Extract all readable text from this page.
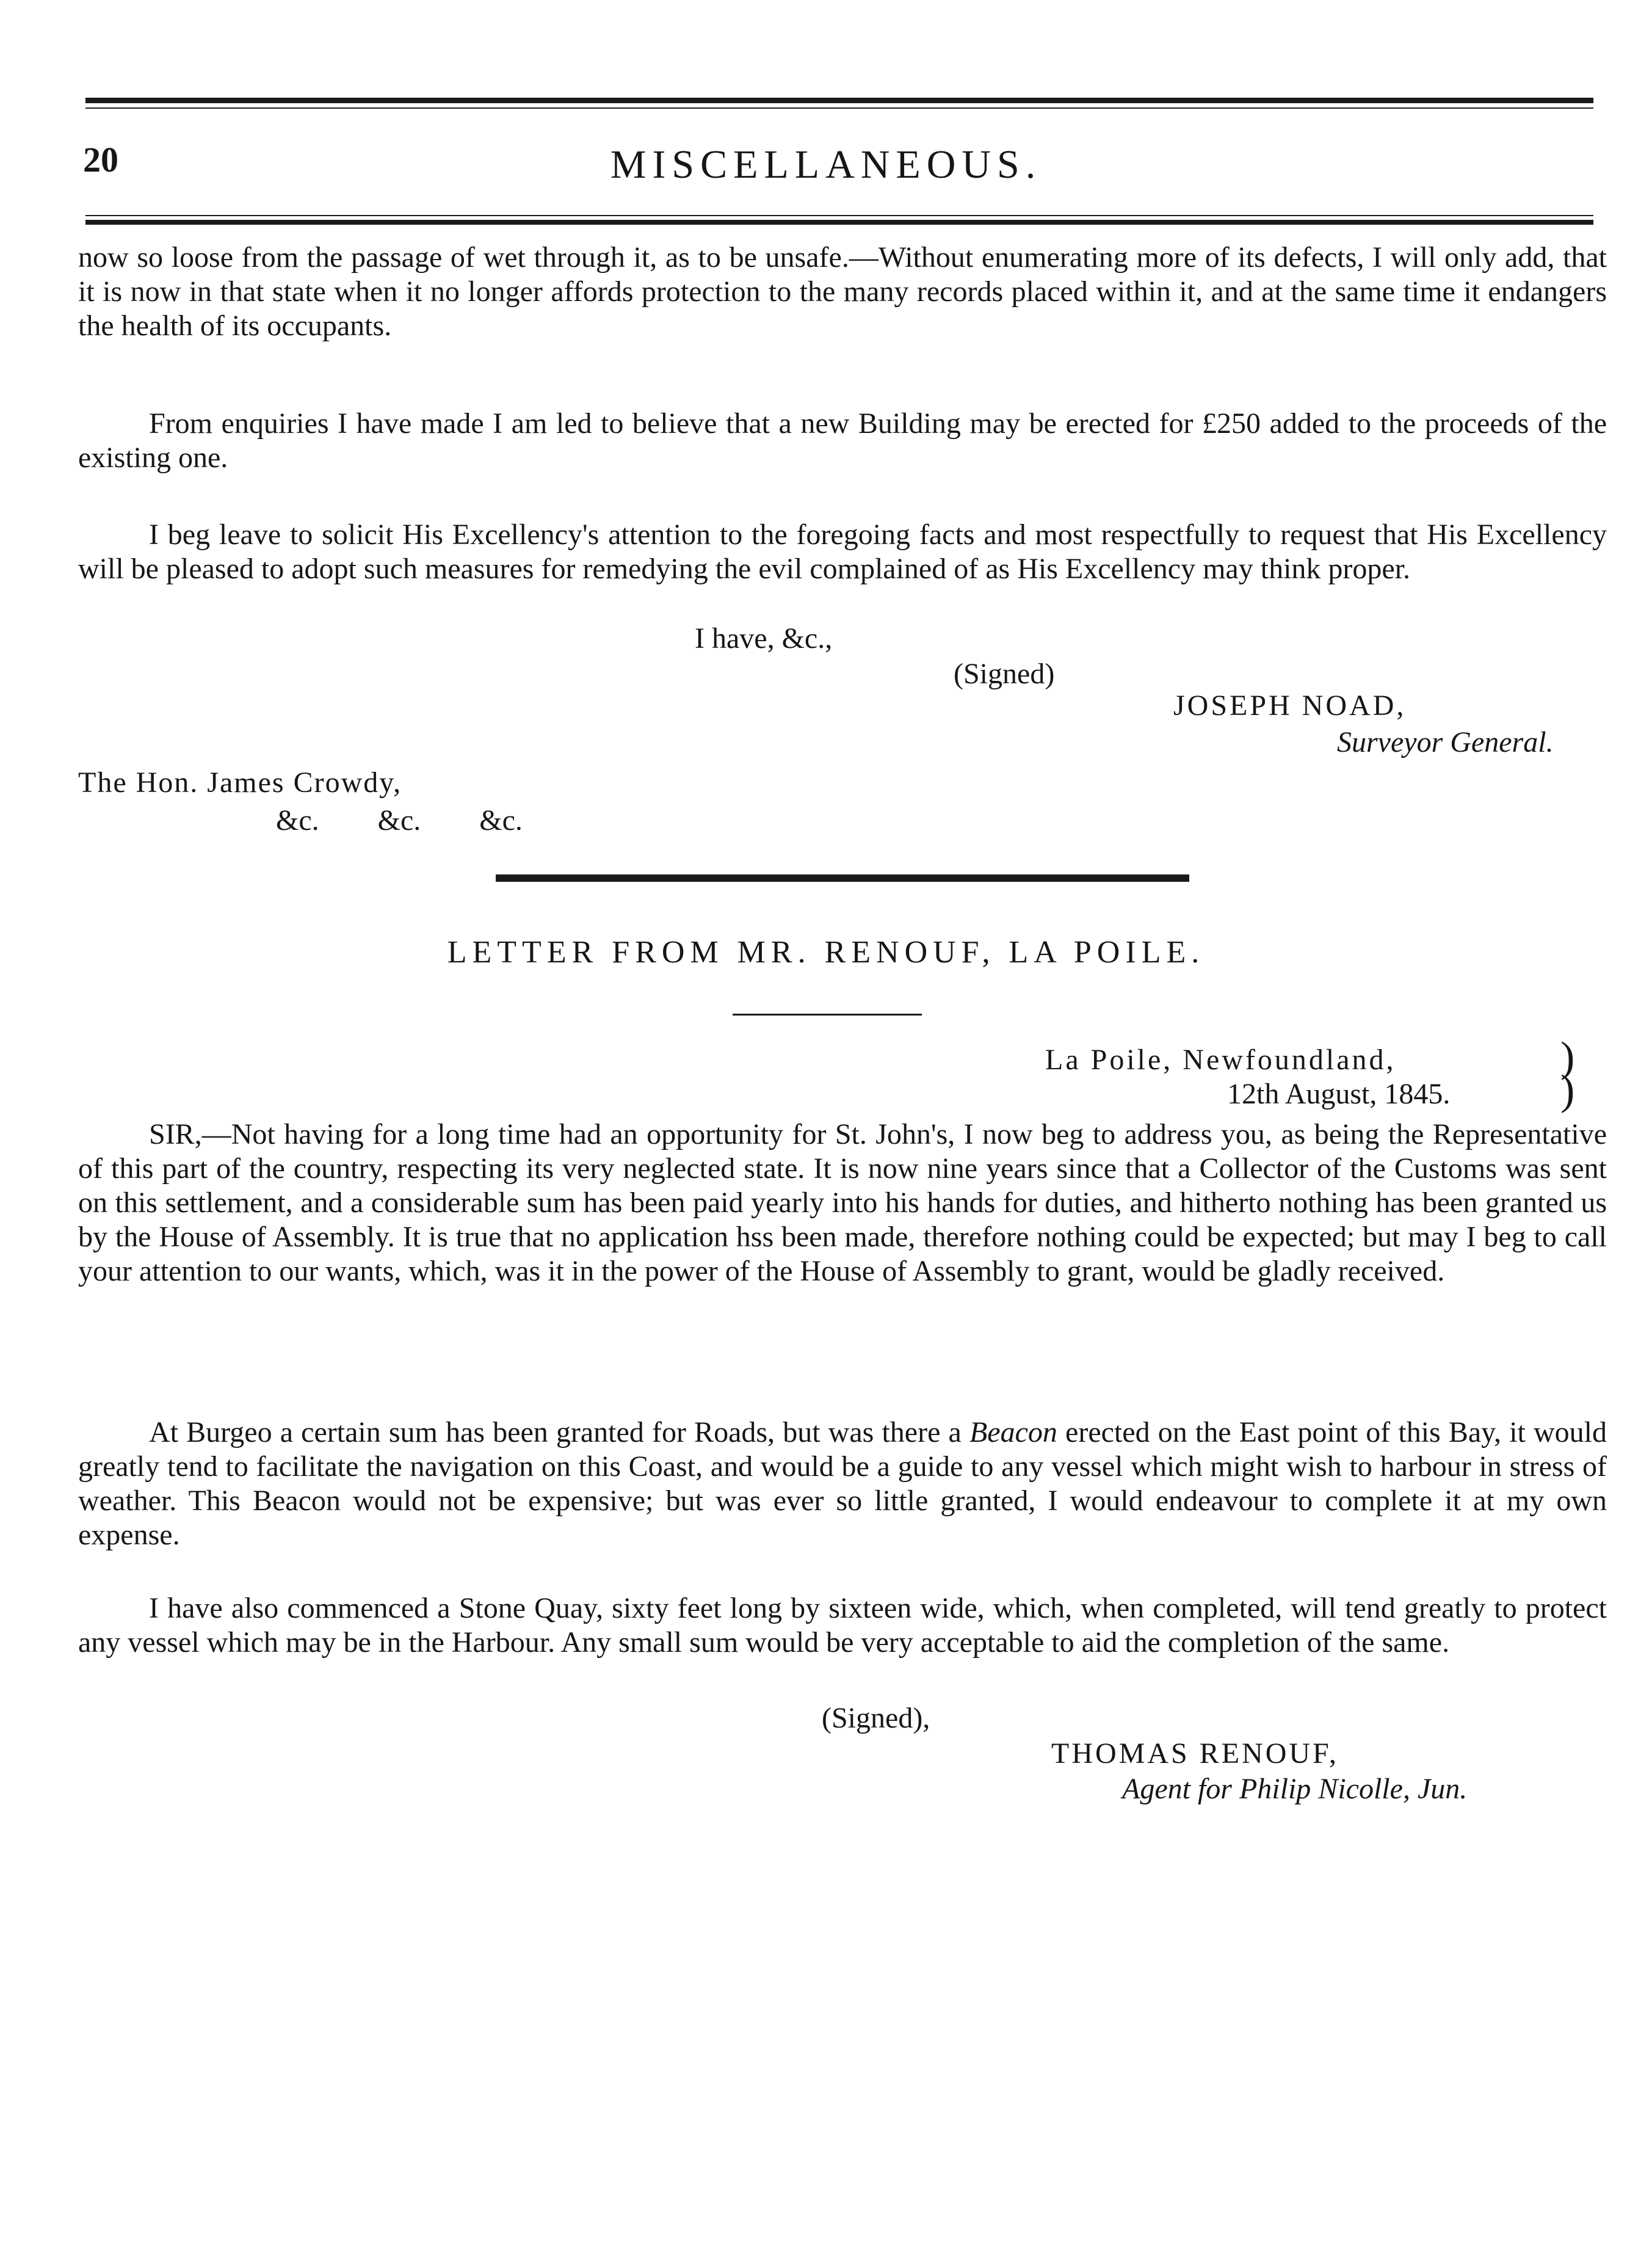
20	MISCELLANEOUS.
now so loose from the passage of wet through it, as to be unsafe.—Without enumerating more of its defects, I will only add, that it is now in that state when it no longer affords protection to the many records placed within it, and at the same time it endangers the health of its occupants.
From enquiries I have made I am led to believe that a new Building may be erected for £250 added to the proceeds of the existing one.
I beg leave to solicit His Excellency's attention to the foregoing facts and most respectfully to request that His Excellency will be pleased to adopt such measures for remedying the evil complained of as His Excellency may think proper.
I have, &c.,
(Signed)
JOSEPH NOAD,
Surveyor General.
The Hon. James Crowdy,
&c.        &c.        &c.
LETTER FROM MR. RENOUF, LA POILE.
La Poile, Newfoundland,	)
12th August, 1845.	)
SIR,—Not having for a long time had an opportunity for St. John's, I now beg to address you, as being the Representative of this part of the country, respecting its very neglected state. It is now nine years since that a Collector of the Customs was sent on this settlement, and a considerable sum has been paid yearly into his hands for duties, and hitherto nothing has been granted us by the House of Assembly. It is true that no application hss been made, therefore nothing could be expected; but may I beg to call your attention to our wants, which, was it in the power of the House of Assembly to grant, would be gladly received.
At Burgeo a certain sum has been granted for Roads, but was there a Beacon erected on the East point of this Bay, it would greatly tend to facilitate the navigation on this Coast, and would be a guide to any vessel which might wish to harbour in stress of weather. This Beacon would not be expensive; but was ever so little granted, I would endeavour to complete it at my own expense.
I have also commenced a Stone Quay, sixty feet long by sixteen wide, which, when completed, will tend greatly to protect any vessel which may be in the Harbour. Any small sum would be very acceptable to aid the completion of the same.
(Signed),
THOMAS RENOUF,
Agent for Philip Nicolle, Jun.
